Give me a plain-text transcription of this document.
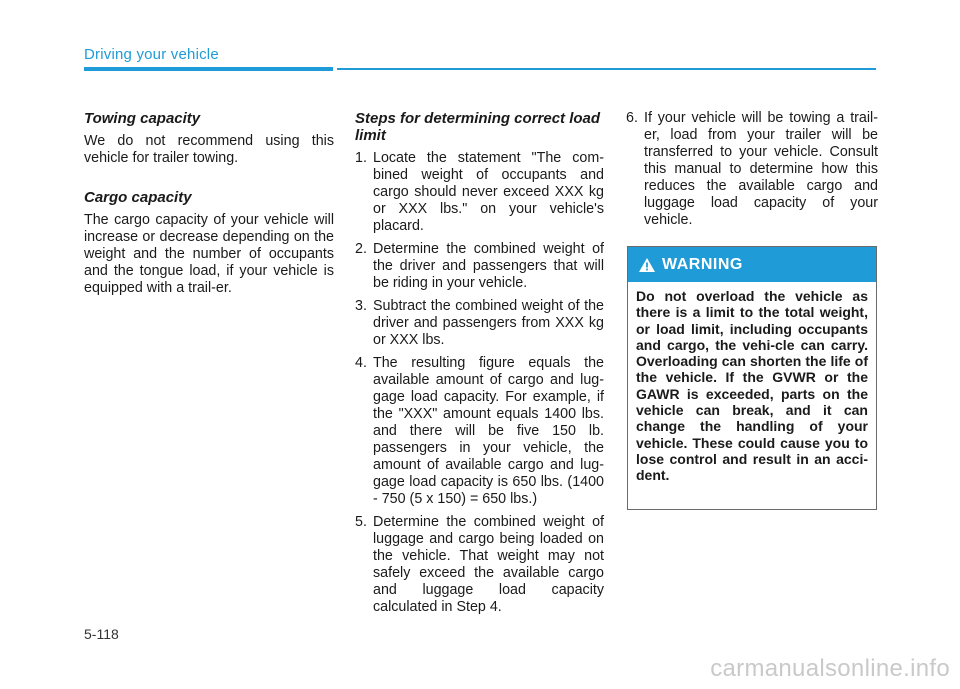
Driving your vehicle
Towing capacity

We do not recommend using this vehicle for trailer towing.

Cargo capacity

The cargo capacity of your vehicle will increase or decrease depending on the weight and the number of occupants and the tongue load, if your vehicle is equipped with a trail-er.

Steps for determining correct load limit
1. Locate the statement "The com-bined weight of occupants and cargo should never exceed XXX kg or XXX lbs." on your vehicle's placard.
2. Determine the combined weight of the driver and passengers that will be riding in your vehicle.
3. Subtract the combined weight of the driver and passengers from XXX kg or XXX lbs.
4. The resulting figure equals the available amount of cargo and lug-gage load capacity. For example, if the "XXX" amount equals 1400 lbs. and there will be five 150 lb. passengers in your vehicle, the amount of available cargo and lug-gage load capacity is 650 lbs. (1400 - 750 (5 x 150) = 650 lbs.)
5. Determine the combined weight of luggage and cargo being loaded on the vehicle. That weight may not safely exceed the available cargo and luggage load capacity calculated in Step 4.
6. If your vehicle will be towing a trail-er, load from your trailer will be transferred to your vehicle. Consult this manual to determine how this reduces the available cargo and luggage load capacity of your vehicle.
WARNING
Do not overload the vehicle as there is a limit to the total weight, or load limit, including occupants and cargo, the vehi-cle can carry. Overloading can shorten the life of the vehicle. If the GVWR or the GAWR is exceeded, parts on the vehicle can break, and it can change the handling of your vehicle. These could cause you to lose control and result in an acci-dent.
5-118
carmanualsonline.info
